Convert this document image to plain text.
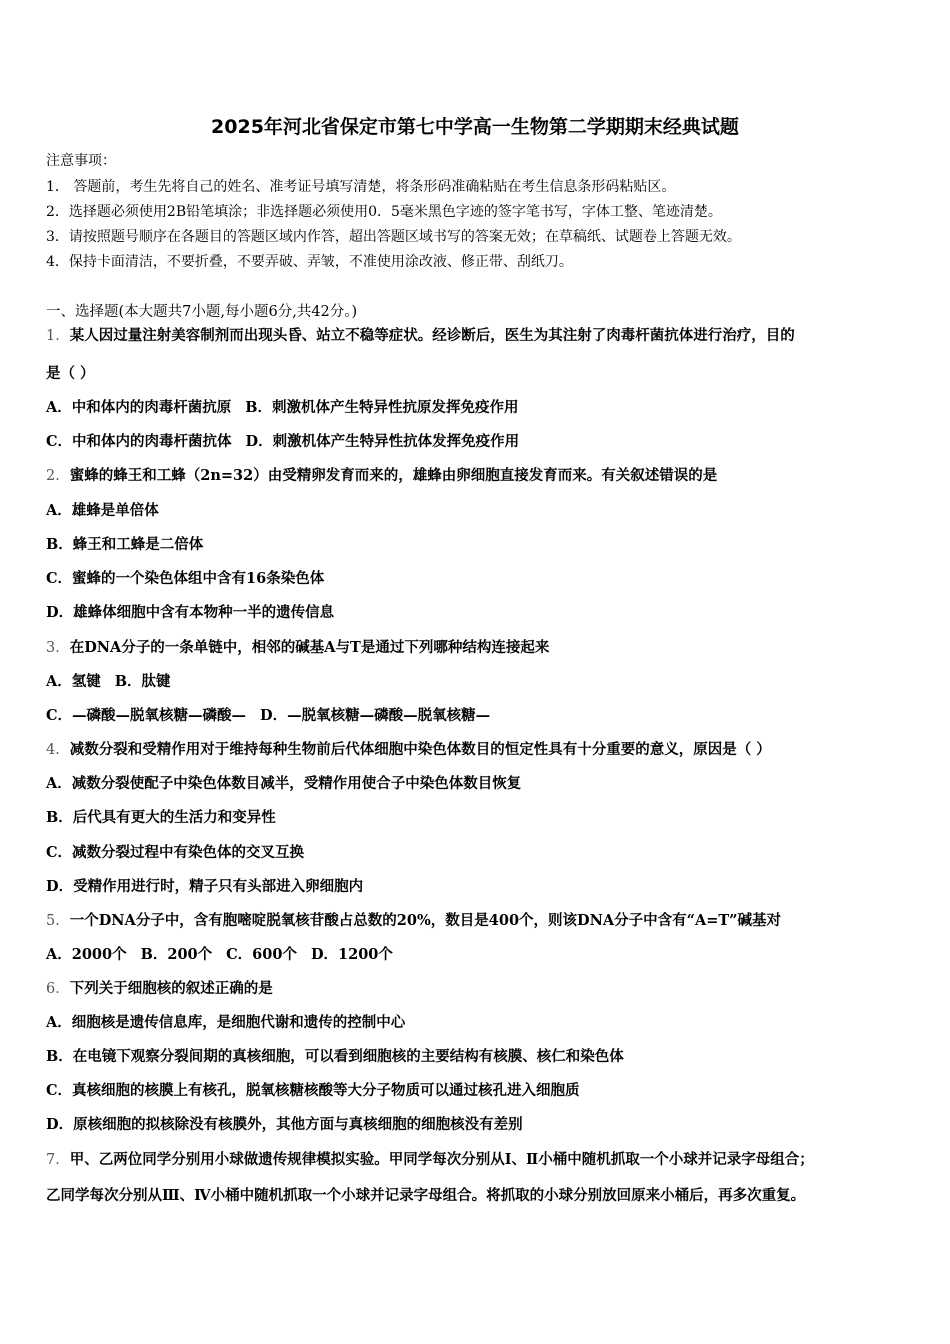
2025年河北省保定市第七中学高一生物第二学期期末经典试题
注意事项：
1． 答题前，考生先将自己的姓名、准考证号填写清楚，将条形码准确粘贴在考生信息条形码粘贴区。
2．选择题必须使用2B铅笔填涂；非选择题必须使用0．5毫米黑色字迹的签字笔书写，字体工整、笔迹清楚。
3．请按照题号顺序在各题目的答题区域内作答，超出答题区域书写的答案无效；在草稿纸、试题卷上答题无效。
4．保持卡面清洁，不要折叠，不要弄破、弄皱，不准使用涂改液、修正带、刮纸刀。
一、选择题(本大题共7小题,每小题6分,共42分。)
1．某人因过量注射美容制剂而出现头昏、站立不稳等症状。经诊断后，医生为其注射了肉毒杆菌抗体进行治疗，目的
是（ ）
A．中和体内的肉毒杆菌抗原 B．刺激机体产生特异性抗原发挥免疫作用
C．中和体内的肉毒杆菌抗体 D．刺激机体产生特异性抗体发挥免疫作用
2．蜜蜂的蜂王和工蜂（2n=32）由受精卵发育而来的，雄蜂由卵细胞直接发育而来。有关叙述错误的是
A．雄蜂是单倍体
B．蜂王和工蜂是二倍体
C．蜜蜂的一个染色体组中含有16条染色体
D．雄蜂体细胞中含有本物种一半的遗传信息
3．在DNA分子的一条单链中，相邻的碱基A与T是通过下列哪种结构连接起来
A．氢键 B．肽键
C．—磷酸—脱氧核糖—磷酸— D．—脱氧核糖—磷酸—脱氧核糖—
4．减数分裂和受精作用对于维持每种生物前后代体细胞中染色体数目的恒定性具有十分重要的意义，原因是（ ）
A．减数分裂使配子中染色体数目减半，受精作用使合子中染色体数目恢复
B．后代具有更大的生活力和变异性
C．减数分裂过程中有染色体的交叉互换
D．受精作用进行时，精子只有头部进入卵细胞内
5．一个DNA分子中，含有胞嘧啶脱氧核苷酸占总数的20%，数目是400个，则该DNA分子中含有“A=T”碱基对
A．2000个 B．200个 C．600个 D．1200个
6．下列关于细胞核的叙述正确的是
A．细胞核是遗传信息库，是细胞代谢和遗传的控制中心
B．在电镜下观察分裂间期的真核细胞，可以看到细胞核的主要结构有核膜、核仁和染色体
C．真核细胞的核膜上有核孔，脱氧核糖核酸等大分子物质可以通过核孔进入细胞质
D．原核细胞的拟核除没有核膜外，其他方面与真核细胞的细胞核没有差别
7．甲、乙两位同学分别用小球做遗传规律模拟实验。甲同学每次分别从Ⅰ、Ⅱ小桶中随机抓取一个小球并记录字母组合；
乙同学每次分别从Ⅲ、Ⅳ小桶中随机抓取一个小球并记录字母组合。将抓取的小球分别放回原来小桶后，再多次重复。
